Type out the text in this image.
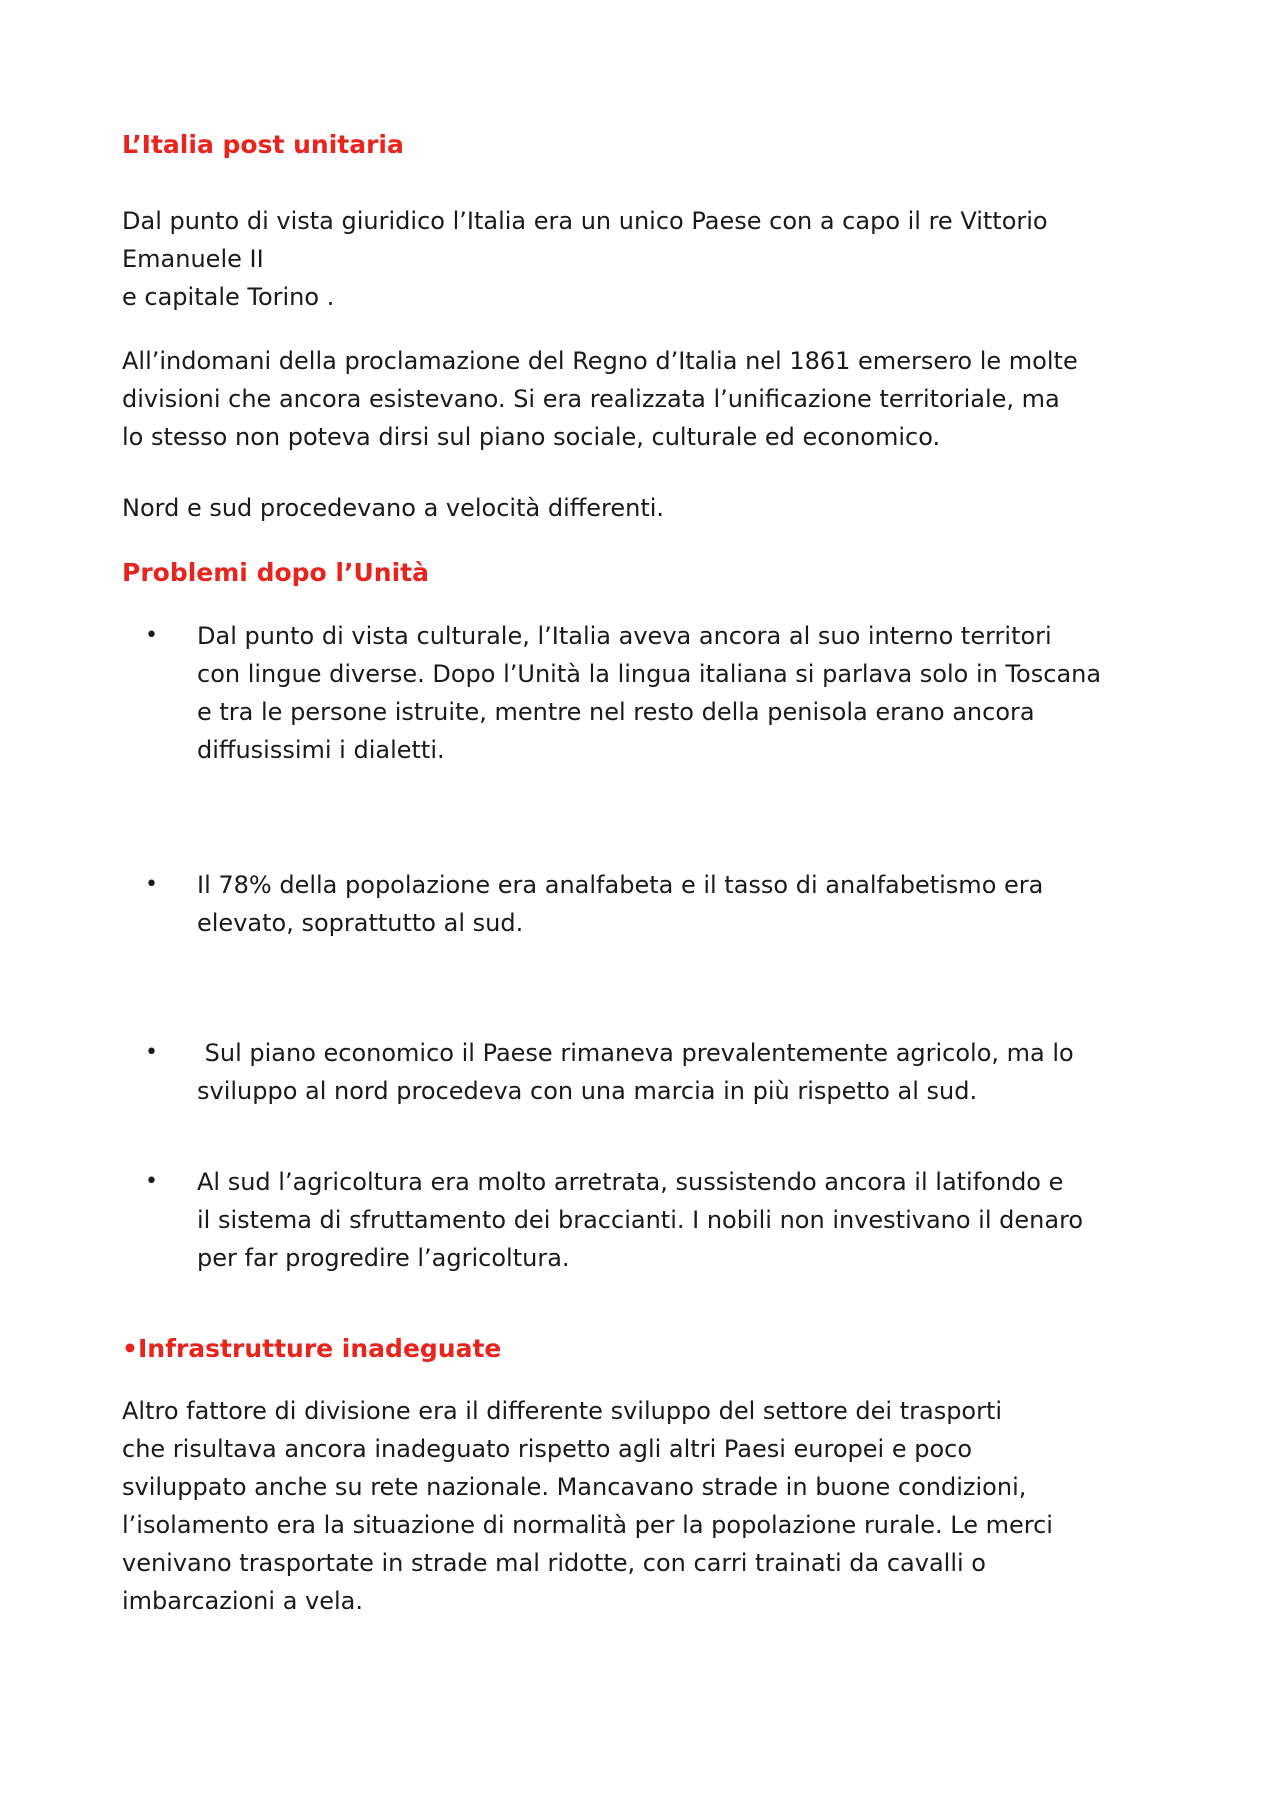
L’Italia post unitaria
Dal punto di vista giuridico l’Italia era un unico Paese con a capo il re Vittorio
Emanuele II
e capitale Torino .
All’indomani della proclamazione del Regno d’Italia nel 1861 emersero le molte
divisioni che ancora esistevano. Si era realizzata l’unificazione territoriale, ma
lo stesso non poteva dirsi sul piano sociale, culturale ed economico.
Nord e sud procedevano a velocità differenti.
Problemi dopo l’Unità
•	Dal punto di vista culturale, l’Italia aveva ancora al suo interno territori
con lingue diverse. Dopo l’Unità la lingua italiana si parlava solo in Toscana
e tra le persone istruite, mentre nel resto della penisola erano ancora
diffusissimi i dialetti.
•	Il 78% della popolazione era analfabeta e il tasso di analfabetismo era
elevato, soprattutto al sud.
•	Sul piano economico il Paese rimaneva prevalentemente agricolo, ma lo
sviluppo al nord procedeva con una marcia in più rispetto al sud.
•	Al sud l’agricoltura era molto arretrata, sussistendo ancora il latifondo e
il sistema di sfruttamento dei braccianti. I nobili non investivano il denaro
per far progredire l’agricoltura.
•Infrastrutture inadeguate
Altro fattore di divisione era il differente sviluppo del settore dei trasporti
che risultava ancora inadeguato rispetto agli altri Paesi europei e poco
sviluppato anche su rete nazionale. Mancavano strade in buone condizioni,
l’isolamento era la situazione di normalità per la popolazione rurale. Le merci
venivano trasportate in strade mal ridotte, con carri trainati da cavalli o
imbarcazioni a vela.
